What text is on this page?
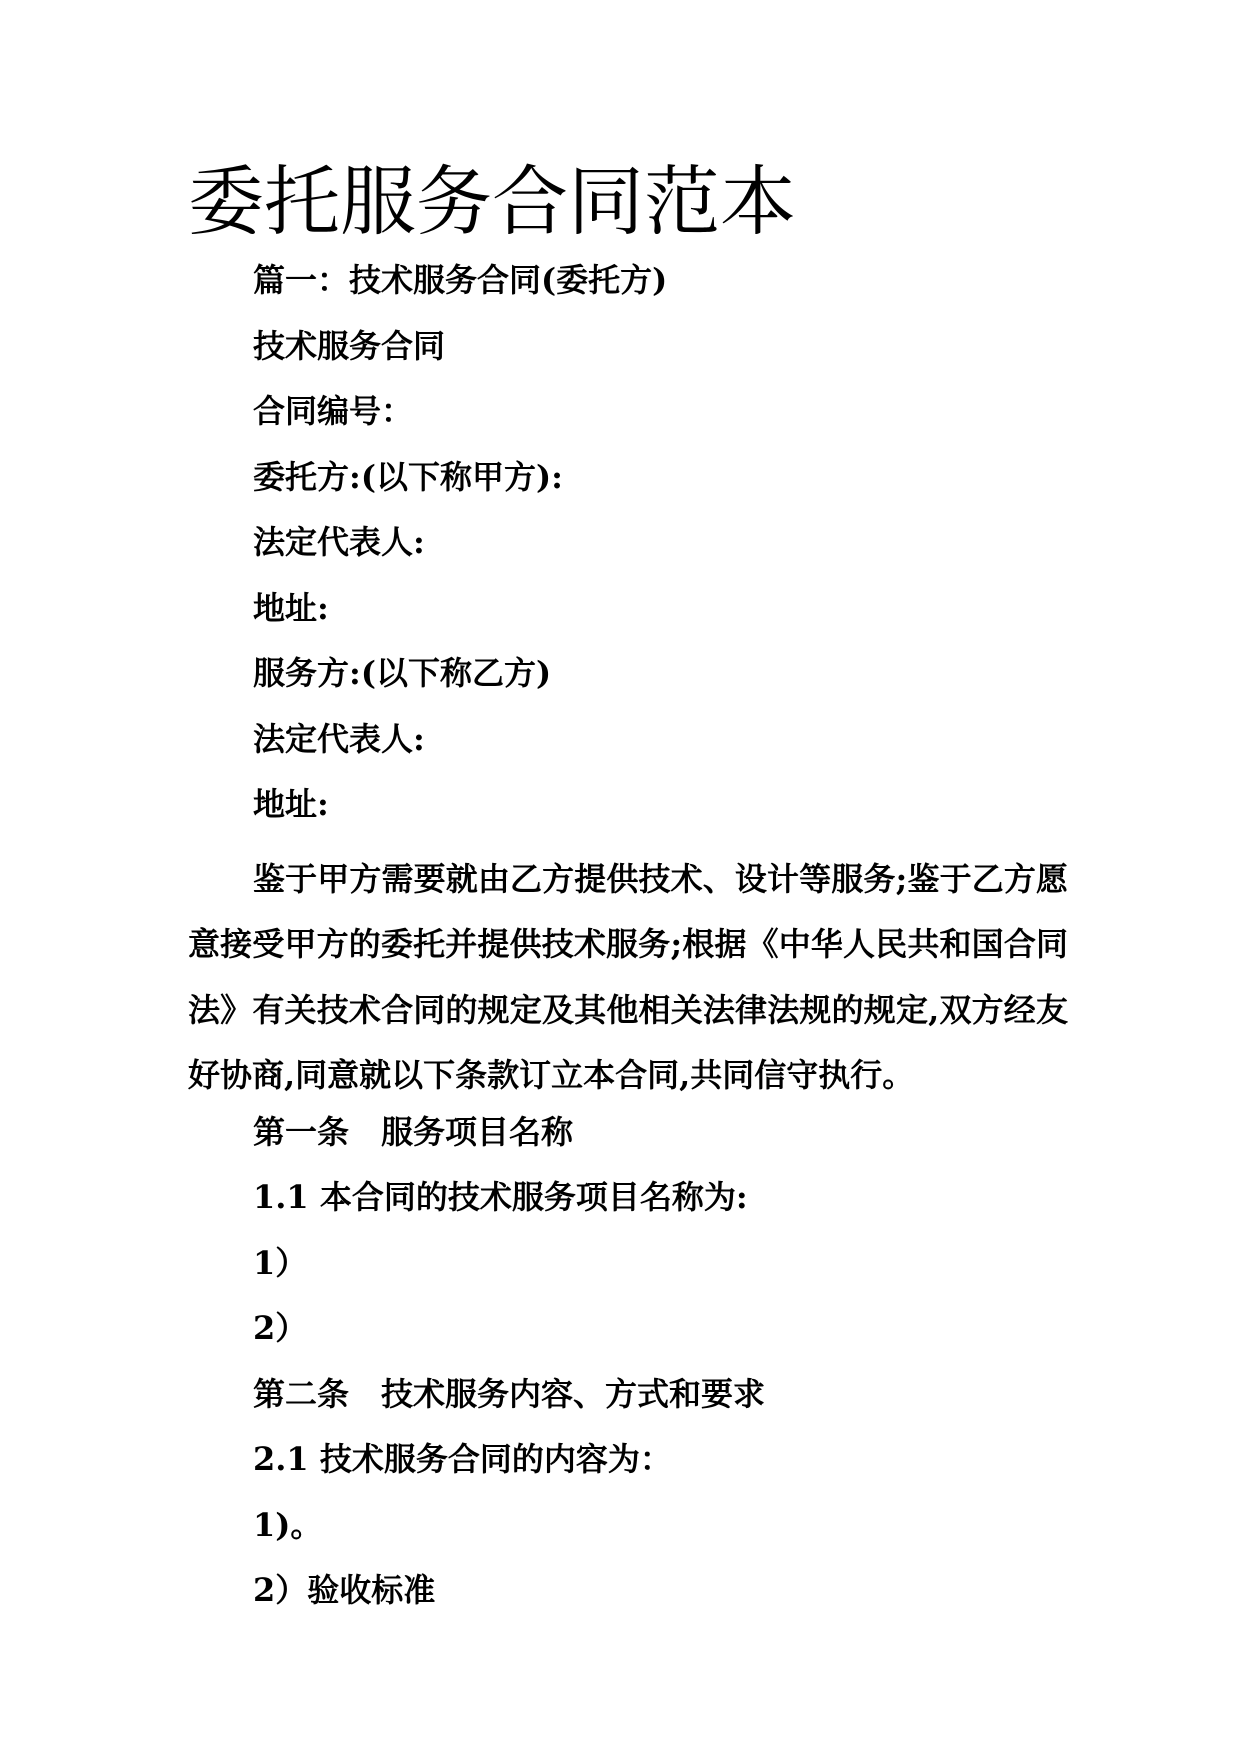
委托服务合同范本
篇一：技术服务合同(委托方)
技术服务合同
合同编号：
委托方:(以下称甲方):
法定代表人:
地址:
服务方:(以下称乙方)
法定代表人:
地址:
鉴于甲方需要就由乙方提供技术、设计等服务;鉴于乙方愿意接受甲方的委托并提供技术服务;根据《中华人民共和国合同法》有关技术合同的规定及其他相关法律法规的规定,双方经友好协商,同意就以下条款订立本合同,共同信守执行。
第一条　服务项目名称
1.1 本合同的技术服务项目名称为:
1）
2）
第二条　技术服务内容、方式和要求
2.1 技术服务合同的内容为：
1)。
2）验收标准
